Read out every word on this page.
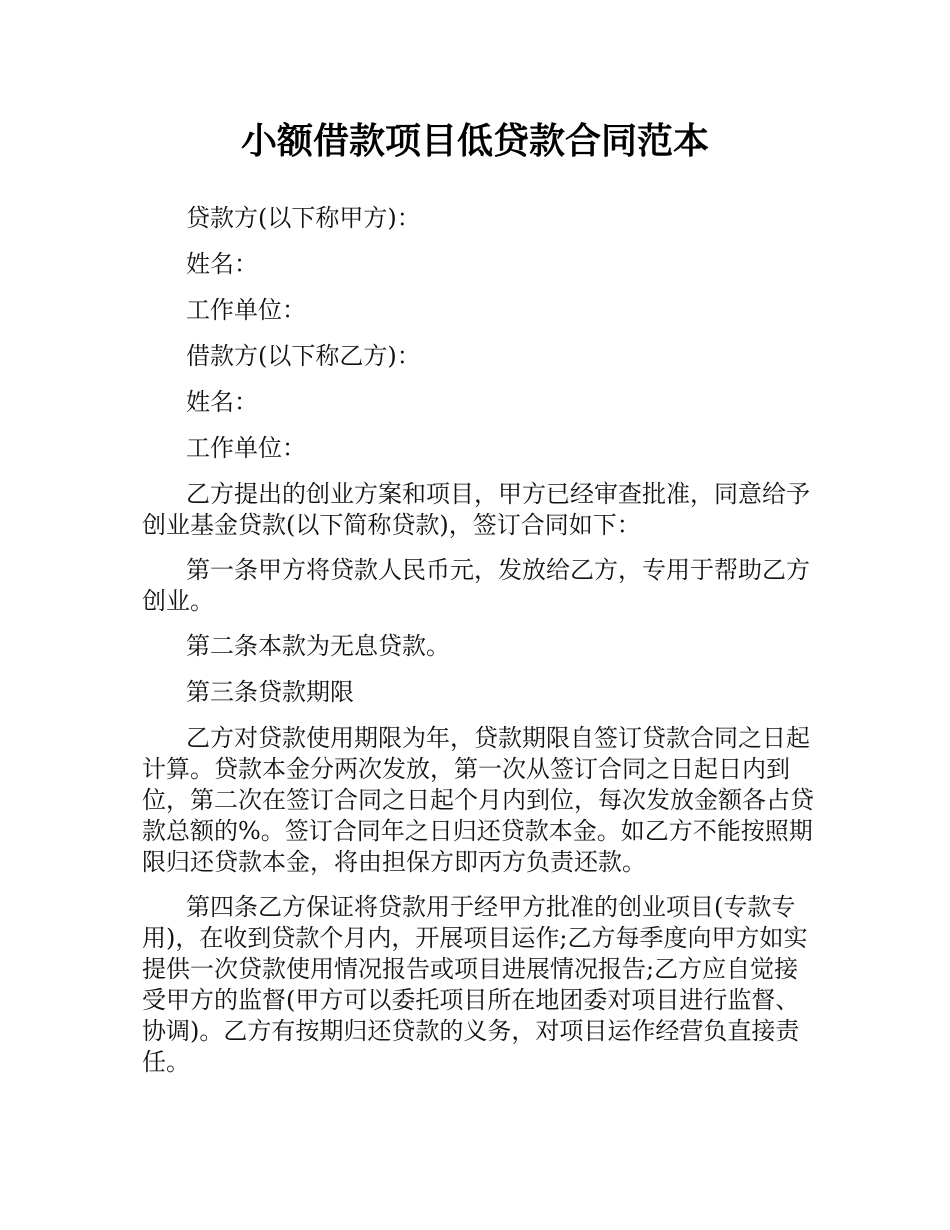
小额借款项目低贷款合同范本

贷款方(以下称甲方)：

姓名：

工作单位：

借款方(以下称乙方)：

姓名：

工作单位：

乙方提出的创业方案和项目，甲方已经审查批准，同意给予创业基金贷款(以下简称贷款)，签订合同如下：

第一条甲方将贷款人民币元，发放给乙方，专用于帮助乙方创业。

第二条本款为无息贷款。

第三条贷款期限

乙方对贷款使用期限为年，贷款期限自签订贷款合同之日起计算。贷款本金分两次发放，第一次从签订合同之日起日内到位，第二次在签订合同之日起个月内到位，每次发放金额各占贷款总额的%。签订合同年之日归还贷款本金。如乙方不能按照期限归还贷款本金，将由担保方即丙方负责还款。

第四条乙方保证将贷款用于经甲方批准的创业项目(专款专用)，在收到贷款个月内，开展项目运作;乙方每季度向甲方如实提供一次贷款使用情况报告或项目进展情况报告;乙方应自觉接受甲方的监督(甲方可以委托项目所在地团委对项目进行监督、协调)。乙方有按期归还贷款的义务，对项目运作经营负直接责任。
